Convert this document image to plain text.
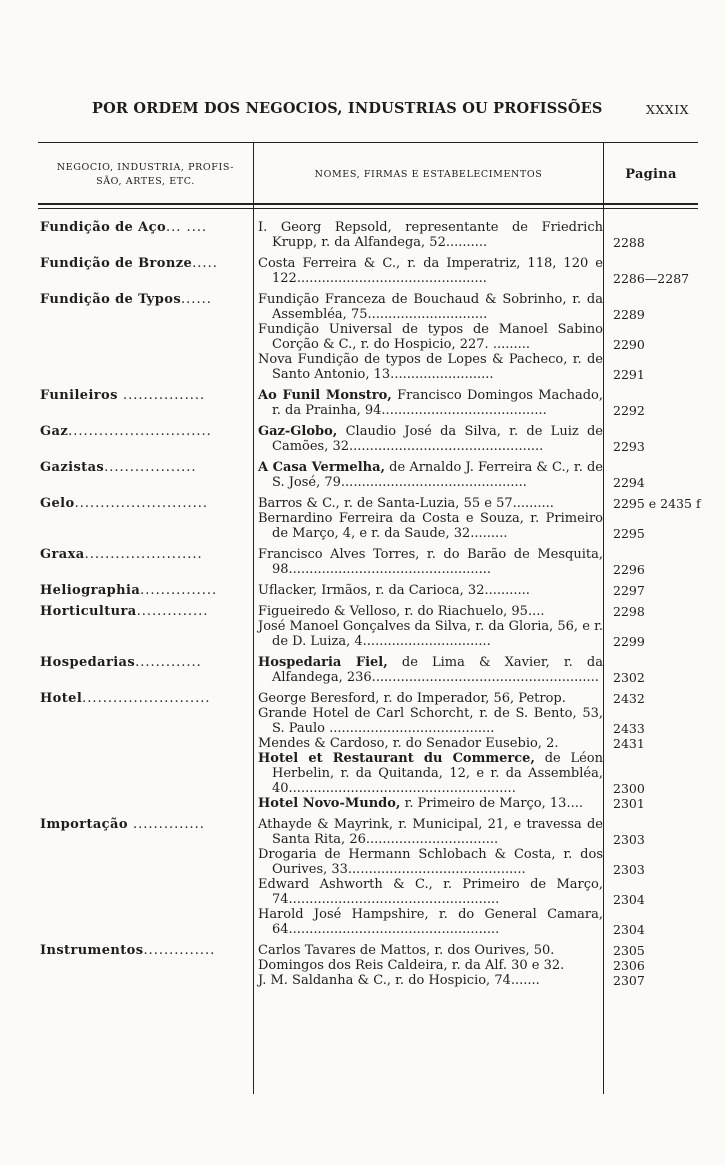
POR ORDEM DOS NEGOCIOS, INDUSTRIAS OU PROFISSÕES	XXXIX
NEGOCIO, INDUSTRIA, PROFIS-
SÃO, ARTES, ETC.
NOMES, FIRMAS E ESTABELECIMENTOS	Pagina
Fundição de Aço... ....	I. Georg Repsold, representante de Friedrich Krupp, r. da Alfandega, 52..........	2288
Fundição de Bronze.....	Costa Ferreira & C., r. da Imperatriz, 118, 120 e 122..............................................	2286—2287
Fundição de Typos......	Fundição Franceza de Bouchaud & Sobrinho, r. da Assembléa, 75.............................	2289
Fundição Universal de typos de Manoel Sabino Corção & C., r. do Hospicio, 227. .........	2290
Nova Fundição de typos de Lopes & Pacheco, r. de Santo Antonio, 13.........................	2291
Funileiros ................	Ao Funil Monstro, Francisco Domingos Machado, r. da Prainha, 94........................................	2292
Gaz............................	Gaz-Globo, Claudio José da Silva, r. de Luiz de Camões, 32...............................................	2293
Gazistas..................	A Casa Vermelha, de Arnaldo J. Ferreira & C., r. de S. José, 79.............................................	2294
Gelo..........................	Barros & C., r. de Santa-Luzia, 55 e 57..........	2295 e 2435 f
Bernardino Ferreira da Costa e Souza, r. Primeiro de Março, 4, e r. da Saude, 32.........	2295
Graxa.......................	Francisco Alves Torres, r. do Barão de Mesquita, 98.................................................	2296
Heliographia...............	Uflacker, Irmãos, r. da Carioca, 32...........	2297
Horticultura..............	Figueiredo & Velloso, r. do Riachuelo, 95....	2298
José Manoel Gonçalves da Silva, r. da Gloria, 56, e r. de D. Luiza, 4...............................	2299
Hospedarias.............	Hospedaria Fiel, de Lima & Xavier, r. da Alfandega, 236.......................................................	2302
Hotel.........................	George Beresford, r. do Imperador, 56, Petrop.	2432
Grande Hotel de Carl Schorcht, r. de S. Bento, 53, S. Paulo ........................................	2433
Mendes & Cardoso, r. do Senador Eusebio, 2.	2431
Hotel et Restaurant du Commerce, de Léon Herbelin, r. da Quitanda, 12, e r. da Assembléa, 40.......................................................	2300
Hotel Novo-Mundo, r. Primeiro de Março, 13....	2301
Importação ..............	Athayde & Mayrink, r. Municipal, 21, e travessa de Santa Rita, 26................................	2303
Drogaria de Hermann Schlobach & Costa, r. dos Ourives, 33...........................................	2303
Edward Ashworth & C., r. Primeiro de Março, 74...................................................	2304
Harold José Hampshire, r. do General Camara, 64...................................................	2304
Instrumentos..............	Carlos Tavares de Mattos, r. dos Ourives, 50.	2305
Domingos dos Reis Caldeira, r. da Alf. 30 e 32.	2306
J. M. Saldanha & C., r. do Hospicio, 74.......	2307
